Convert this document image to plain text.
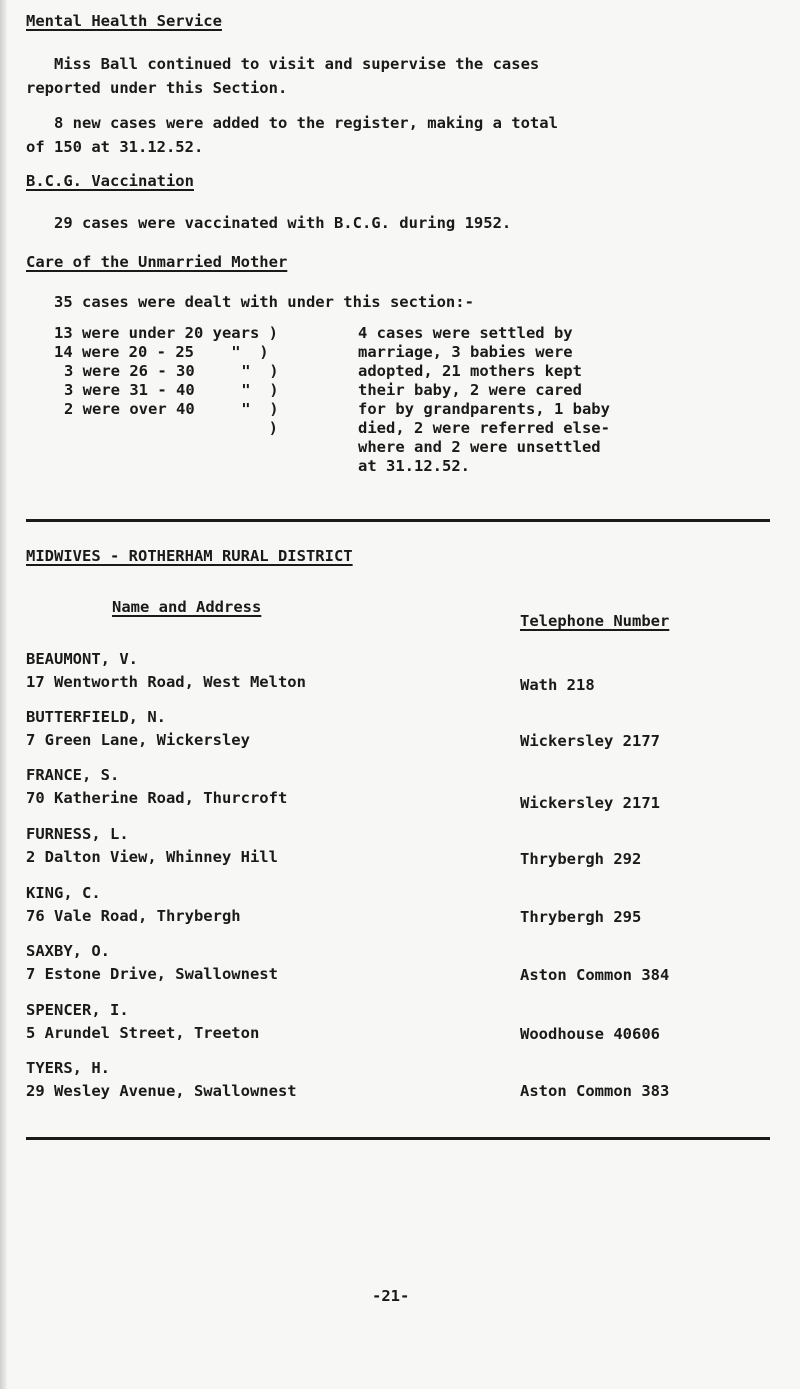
Mental Health Service
Miss Ball continued to visit and supervise the cases
reported under this Section.
8 new cases were added to the register, making a total
of 150 at 31.12.52.
B.C.G. Vaccination
29 cases were vaccinated with B.C.G. during 1952.
Care of the Unmarried Mother
35 cases were dealt with under this section:-
13 were under 20 years )
14 were 20 - 25    "  )
3 were 26 - 30     "  )
3 were 31 - 40     "  )
2 were over 40     "  )
)
4 cases were settled by
marriage, 3 babies were
adopted, 21 mothers kept
their baby, 2 were cared
for by grandparents, 1 baby
died, 2 were referred else-
where and 2 were unsettled
at 31.12.52.
MIDWIVES - ROTHERHAM RURAL DISTRICT
Name and Address
Telephone Number
BEAUMONT, V.
17 Wentworth Road, West Melton	Wath 218
BUTTERFIELD, N.
7 Green Lane, Wickersley	Wickersley 2177
FRANCE, S.
70 Katherine Road, Thurcroft	Wickersley 2171
FURNESS, L.
2 Dalton View, Whinney Hill	Thrybergh 292
KING, C.
76 Vale Road, Thrybergh	Thrybergh 295
SAXBY, O.
7 Estone Drive, Swallownest	Aston Common 384
SPENCER, I.
5 Arundel Street, Treeton	Woodhouse 40606
TYERS, H.
29 Wesley Avenue, Swallownest	Aston Common 383
-21-
